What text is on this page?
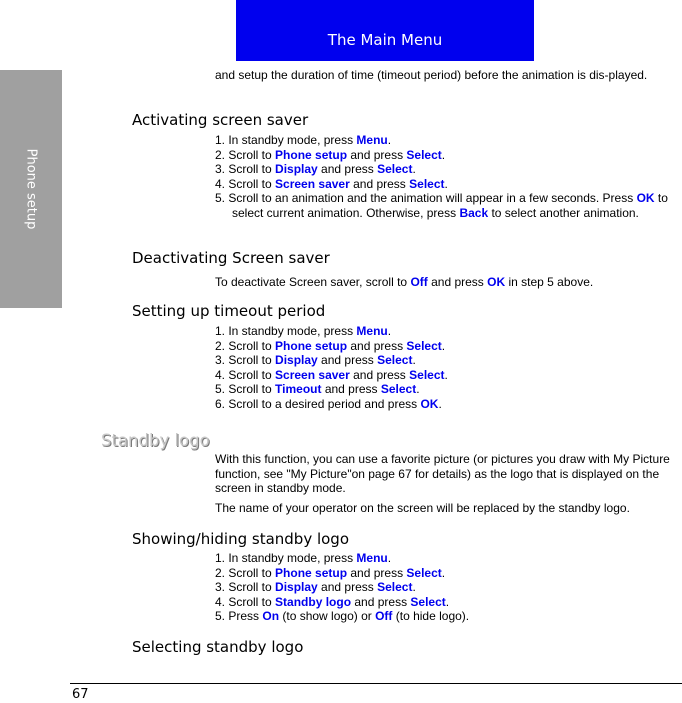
The Main Menu
Phone setup
and setup the duration of time (timeout period) before the animation is dis-played.
Activating screen saver
1. In standby mode, press Menu.
2. Scroll to Phone setup and press Select.
3. Scroll to Display and press Select.
4. Scroll to Screen saver and press Select.
5. Scroll to an animation and the animation will appear in a few seconds. Press OK to select current animation. Otherwise, press Back to select another animation.
Deactivating Screen saver
To deactivate Screen saver, scroll to Off and press OK in step 5 above.
Setting up timeout period
1. In standby mode, press Menu.
2. Scroll to Phone setup and press Select.
3. Scroll to Display and press Select.
4. Scroll to Screen saver and press Select.
5. Scroll to Timeout and press Select.
6. Scroll to a desired period and press OK.
Standby logo
With this function, you can use a favorite picture (or pictures you draw with My Picture function, see "My Picture"on page 67 for details) as the logo that is displayed on the screen in standby mode.
The name of your operator on the screen will be replaced by the standby logo.
Showing/hiding standby logo
1. In standby mode, press Menu.
2. Scroll to Phone setup and press Select.
3. Scroll to Display and press Select.
4. Scroll to Standby logo and press Select.
5. Press On (to show logo) or Off (to hide logo).
Selecting standby logo
67
